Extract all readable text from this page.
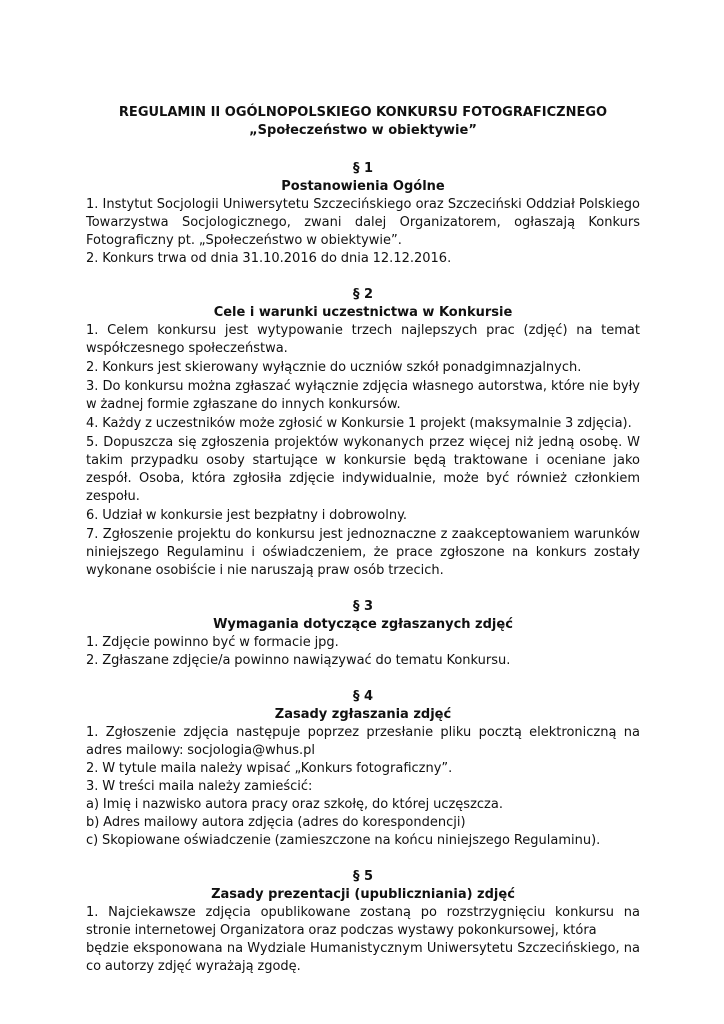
REGULAMIN II OGÓLNOPOLSKIEGO KONKURSU FOTOGRAFICZNEGO

„Społeczeństwo w obiektywie”

§ 1

Postanowienia Ogólne

1. Instytut Socjologii Uniwersytetu Szczecińskiego oraz Szczeciński Oddział Polskiego Towarzystwa Socjologicznego, zwani dalej Organizatorem, ogłaszają Konkurs Fotograficzny pt. „Społeczeństwo w obiektywie”.

2. Konkurs trwa od dnia 31.10.2016 do dnia 12.12.2016.

§ 2

Cele i warunki uczestnictwa w Konkursie

1. Celem konkursu jest wytypowanie trzech najlepszych prac (zdjęć) na temat współczesnego społeczeństwa.

2. Konkurs jest skierowany wyłącznie do uczniów szkół ponadgimnazjalnych.

3. Do konkursu można zgłaszać wyłącznie zdjęcia własnego autorstwa, które nie były w żadnej formie zgłaszane do innych konkursów.

4. Każdy z uczestników może zgłosić w Konkursie 1 projekt (maksymalnie 3 zdjęcia).

5. Dopuszcza się zgłoszenia projektów wykonanych przez więcej niż jedną osobę. W takim przypadku osoby startujące w konkursie będą traktowane i oceniane jako zespół. Osoba, która zgłosiła zdjęcie indywidualnie, może być również członkiem zespołu.

6. Udział w konkursie jest bezpłatny i dobrowolny.

7. Zgłoszenie projektu do konkursu jest jednoznaczne z zaakceptowaniem warunków niniejszego Regulaminu i oświadczeniem, że prace zgłoszone na konkurs zostały wykonane osobiście i nie naruszają praw osób trzecich.

§ 3

Wymagania dotyczące zgłaszanych zdjęć

1. Zdjęcie powinno być w formacie jpg.

2. Zgłaszane zdjęcie/a powinno nawiązywać do tematu Konkursu.

§ 4

Zasady zgłaszania zdjęć

1. Zgłoszenie zdjęcia następuje poprzez przesłanie pliku pocztą elektroniczną na adres mailowy: socjologia@whus.pl

2. W tytule maila należy wpisać „Konkurs fotograficzny”.

3. W treści maila należy zamieścić:

a) Imię i nazwisko autora pracy oraz szkołę, do której uczęszcza.

b) Adres mailowy autora zdjęcia (adres do korespondencji)

c) Skopiowane oświadczenie (zamieszczone na końcu niniejszego Regulaminu).

§ 5

Zasady prezentacji (upubliczniania) zdjęć

1. Najciekawsze zdjęcia opublikowane zostaną po rozstrzygnięciu konkursu na stronie internetowej Organizatora oraz podczas wystawy pokonkursowej, która

będzie eksponowana na Wydziale Humanistycznym Uniwersytetu Szczecińskiego, na co autorzy zdjęć wyrażają zgodę.
